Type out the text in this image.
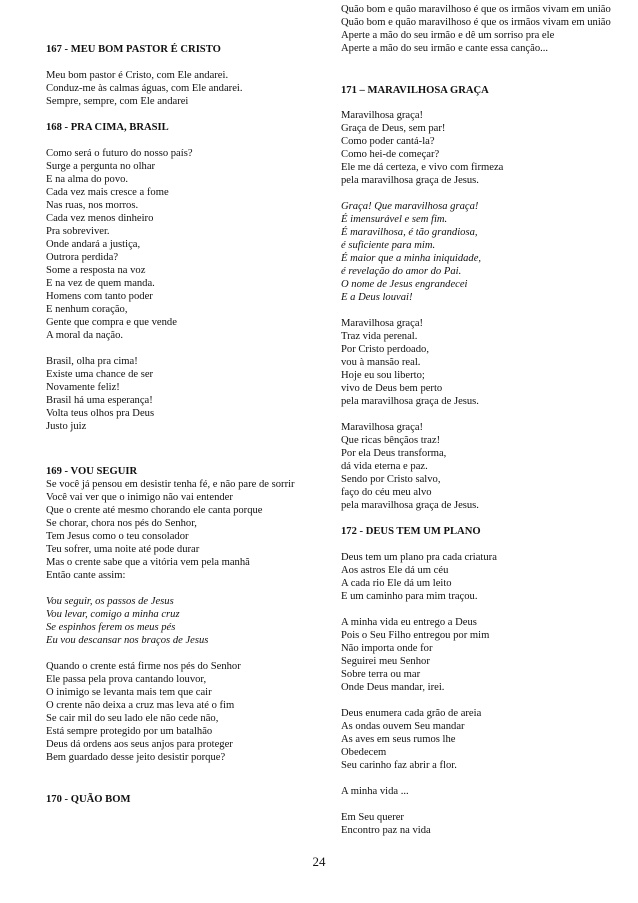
167 - MEU BOM PASTOR É CRISTO
Meu bom pastor é Cristo, com Ele andarei.
Conduz-me às calmas águas, com Ele andarei.
Sempre, sempre, com Ele andarei
168 - PRA CIMA, BRASIL
Como será o futuro do nosso país?
Surge a pergunta no olhar
E na alma do povo.
Cada vez mais cresce a fome
Nas ruas, nos morros.
Cada vez menos dinheiro
Pra sobreviver.
Onde andará a justiça,
Outrora perdida?
Some a resposta na voz
E na vez de quem manda.
Homens com tanto poder
E nenhum coração,
Gente que compra e que vende
A moral da nação.
Brasil, olha pra cima!
Existe uma chance de ser
Novamente feliz!
Brasil há uma esperança!
Volta teus olhos pra Deus
Justo juiz
169 - VOU SEGUIR
Se você já pensou em desistir tenha fé, e não pare de sorrir
Você vai ver que o inimigo não vai entender
Que o crente até mesmo chorando ele canta porque
Se chorar, chora nos pés do Senhor,
Tem Jesus como o teu consolador
Teu sofrer, uma noite até pode durar
Mas o crente sabe que a vitória vem pela manhã
Então cante assim:
Vou seguir, os passos de Jesus
Vou levar, comigo a minha cruz
Se espinhos ferem os meus pés
Eu vou descansar nos braços de Jesus
Quando o crente está firme nos pés do Senhor
Ele passa pela prova cantando louvor,
O inimigo se levanta mais tem que cair
O crente não deixa a cruz mas leva até o fim
Se cair mil do seu lado ele não cede não,
Está sempre protegido por um batalhão
Deus dá ordens aos seus anjos para proteger
Bem guardado desse jeito desistir porque?
170 - QUÃO BOM
Quão bom e quão maravilhoso é que os irmãos vivam em união
Quão bom e quão maravilhoso é que os irmãos vivam em união
Aperte a mão do seu irmão e dê um sorriso pra ele
Aperte a mão do seu irmão e cante essa canção...
171 – MARAVILHOSA GRAÇA
Maravilhosa graça!
Graça de Deus, sem par!
Como poder cantá-la?
Como hei-de começar?
Ele me dá certeza, e vivo com firmeza
pela maravilhosa graça de Jesus.
Graça! Que maravilhosa graça!
É imensurável e sem fim.
É maravilhosa, é tão grandiosa,
é suficiente para mim.
É maior que a minha iniquidade,
é revelação do amor do Pai.
O nome de Jesus engrandecei
E a Deus louvai!
Maravilhosa graça!
Traz vida perenal.
Por Cristo perdoado,
vou à mansão real.
Hoje eu sou liberto;
vivo de Deus bem perto
pela maravilhosa graça de Jesus.
Maravilhosa graça!
Que ricas bênçãos traz!
Por ela Deus transforma,
dá vida eterna e paz.
Sendo por Cristo salvo,
faço do céu meu alvo
pela maravilhosa graça de Jesus.
172 - DEUS TEM UM PLANO
Deus tem um plano pra cada criatura
Aos astros Ele dá um céu
A cada rio Ele dá um leito
E um caminho para mim traçou.
A minha vida eu entrego a Deus
Pois o Seu Filho entregou por mim
Não importa onde for
Seguirei meu Senhor
Sobre terra ou mar
Onde Deus mandar, irei.
Deus enumera cada grão de areia
As ondas ouvem Seu mandar
As aves em seus rumos lhe
Obedecem
Seu carinho faz abrir a flor.
A minha vida ...
Em Seu querer
Encontro paz na vida
24
